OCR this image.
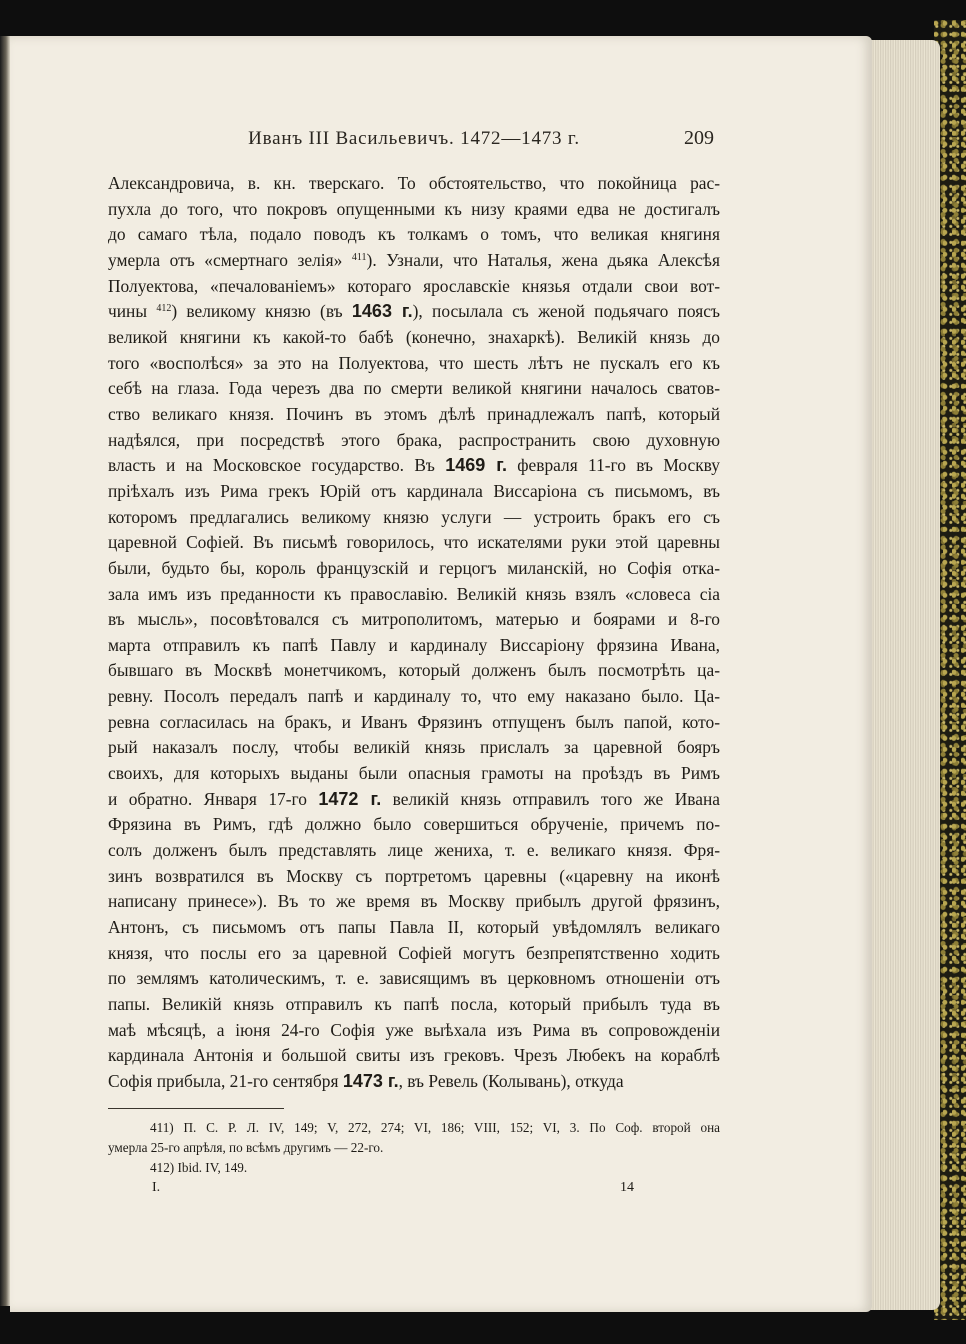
Иванъ III Васильевичъ. 1472—1473 г.	209
Александровича, в. кн. тверскаго. То обстоятельство, что покойница рас-
пухла до того, что покровъ опущенными къ низу краями едва не достигалъ
до самаго тѣла, подало поводъ къ толкамъ о томъ, что великая княгиня
умерла отъ «смертнаго зелія» $^{411}$). Узнали, что Наталья, жена дьяка Алексѣя
Полуектова, «печалованіемъ» котораго ярославскіе князья отдали свои вот-
чины $^{412}$) великому князю (въ 1463 г.), посылала съ женой подьячаго поясъ
великой княгини къ какой-то бабѣ (конечно, знахаркѣ). Великій князь до
того «восполѣся» за это на Полуектова, что шесть лѣтъ не пускалъ его къ
себѣ на глаза. Года черезъ два по смерти великой княгини началось сватов-
ство великаго князя. Починъ въ этомъ дѣлѣ принадлежалъ папѣ, который
надѣялся, при посредствѣ этого брака, распространить свою духовную
власть и на Московское государство. Въ 1469 г. февраля 11-го въ Москву
пріѣхалъ изъ Рима грекъ Юрій отъ кардинала Виссаріона съ письмомъ, въ
которомъ предлагались великому князю услуги — устроить бракъ его съ
царевной Софіей. Въ письмѣ говорилось, что искателями руки этой царевны
были, будьто бы, король французскій и герцогъ миланскій, но Софія отка-
зала имъ изъ преданности къ православію. Великій князь взялъ «словеса сіа
въ мысль», посовѣтовался съ митрополитомъ, матерью и боярами и 8-го
марта отправилъ къ папѣ Павлу и кардиналу Виссаріону фрязина Ивана,
бывшаго въ Москвѣ монетчикомъ, который долженъ былъ посмотрѣть ца-
ревну. Посолъ передалъ папѣ и кардиналу то, что ему наказано было. Ца-
ревна согласилась на бракъ, и Иванъ Фрязинъ отпущенъ былъ папой, кото-
рый наказалъ послу, чтобы великій князь прислалъ за царевной бояръ
своихъ, для которыхъ выданы были опасныя грамоты на проѣздъ въ Римъ
и обратно. Января 17-го 1472 г. великій князь отправилъ того же Ивана
Фрязина въ Римъ, гдѣ должно было совершиться обрученіе, причемъ по-
солъ долженъ былъ представлять лице жениха, т. е. великаго князя. Фря-
зинъ возвратился въ Москву съ портретомъ царевны («царевну на иконѣ
написану принесе»). Въ то же время въ Москву прибылъ другой фрязинъ,
Антонъ, съ письмомъ отъ папы Павла II, который увѣдомлялъ великаго
князя, что послы его за царевной Софіей могутъ безпрепятственно ходить
по землямъ католическимъ, т. е. зависящимъ въ церковномъ отношеніи отъ
папы. Великій князь отправилъ къ папѣ посла, который прибылъ туда въ
маѣ мѣсяцѣ, а іюня 24-го Софія уже выѣхала изъ Рима въ сопровожденіи
кардинала Антонія и большой свиты изъ грековъ. Чрезъ Любекъ на кораблѣ
Софія прибыла, 21-го сентября 1473 г., въ Ревель (Колывань), откуда
411) П. С. Р. Л. IV, 149; V, 272, 274; VI, 186; VIII, 152; VI, 3. По Соф. второй она
умерла 25-го апрѣля, по всѣмъ другимъ — 22-го.
412) Ibid. IV, 149.
I.	14
